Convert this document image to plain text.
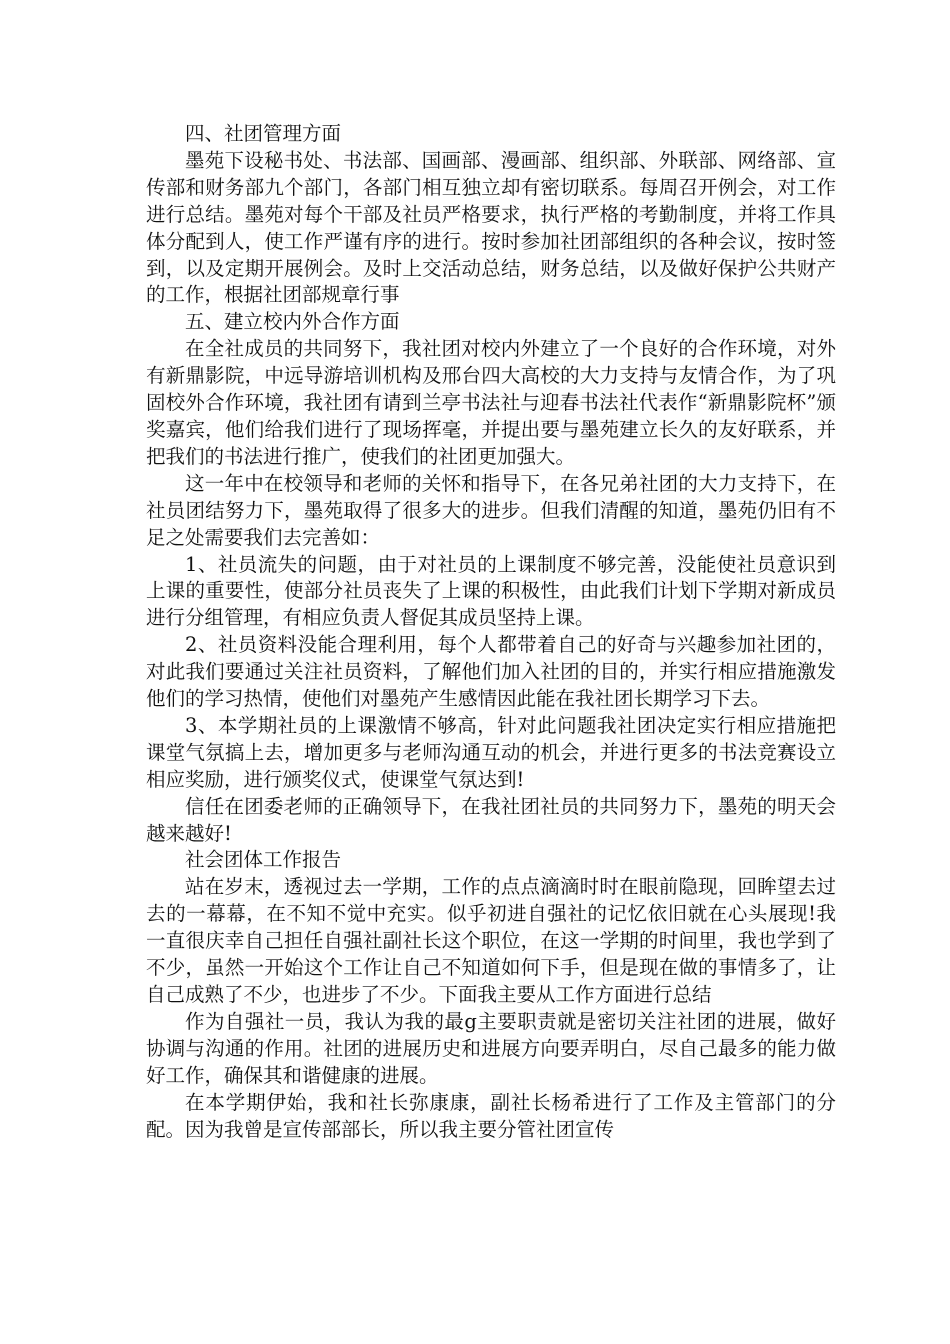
四、社团管理方面

墨苑下设秘书处、书法部、国画部、漫画部、组织部、外联部、网络部、宣传部和财务部九个部门，各部门相互独立却有密切联系。每周召开例会，对工作进行总结。墨苑对每个干部及社员严格要求，执行严格的考勤制度，并将工作具体分配到人，使工作严谨有序的进行。按时参加社团部组织的各种会议，按时签到，以及定期开展例会。及时上交活动总结，财务总结，以及做好保护公共财产的工作，根据社团部规章行事

五、建立校内外合作方面

在全社成员的共同努下，我社团对校内外建立了一个良好的合作环境，对外有新鼎影院，中远导游培训机构及邢台四大高校的大力支持与友情合作，为了巩固校外合作环境，我社团有请到兰亭书法社与迎春书法社代表作“新鼎影院杯”颁奖嘉宾，他们给我们进行了现场挥毫，并提出要与墨苑建立长久的友好联系，并把我们的书法进行推广，使我们的社团更加强大。

这一年中在校领导和老师的关怀和指导下，在各兄弟社团的大力支持下，在社员团结努力下，墨苑取得了很多大的进步。但我们清醒的知道，墨苑仍旧有不足之处需要我们去完善如：

1、社员流失的问题，由于对社员的上课制度不够完善，没能使社员意识到上课的重要性，使部分社员丧失了上课的积极性，由此我们计划下学期对新成员进行分组管理，有相应负责人督促其成员坚持上课。

2、社员资料没能合理利用，每个人都带着自己的好奇与兴趣参加社团的，对此我们要通过关注社员资料，了解他们加入社团的目的，并实行相应措施激发他们的学习热情，使他们对墨苑产生感情因此能在我社团长期学习下去。

3、本学期社员的上课激情不够高，针对此问题我社团决定实行相应措施把课堂气氛搞上去，增加更多与老师沟通互动的机会，并进行更多的书法竞赛设立相应奖励，进行颁奖仪式，使课堂气氛达到!

信任在团委老师的正确领导下，在我社团社员的共同努力下，墨苑的明天会越来越好!

社会团体工作报告

站在岁末，透视过去一学期，工作的点点滴滴时时在眼前隐现，回眸望去过去的一幕幕，在不知不觉中充实。似乎初进自强社的记忆依旧就在心头展现!我一直很庆幸自己担任自强社副社长这个职位，在这一学期的时间里，我也学到了不少，虽然一开始这个工作让自己不知道如何下手，但是现在做的事情多了，让自己成熟了不少，也进步了不少。下面我主要从工作方面进行总结

作为自强社一员，我认为我的最g主要职责就是密切关注社团的进展，做好协调与沟通的作用。社团的进展历史和进展方向要弄明白，尽自己最多的能力做好工作，确保其和谐健康的进展。

在本学期伊始，我和社长弥康康，副社长杨希进行了工作及主管部门的分配。因为我曾是宣传部部长，所以我主要分管社团宣传
